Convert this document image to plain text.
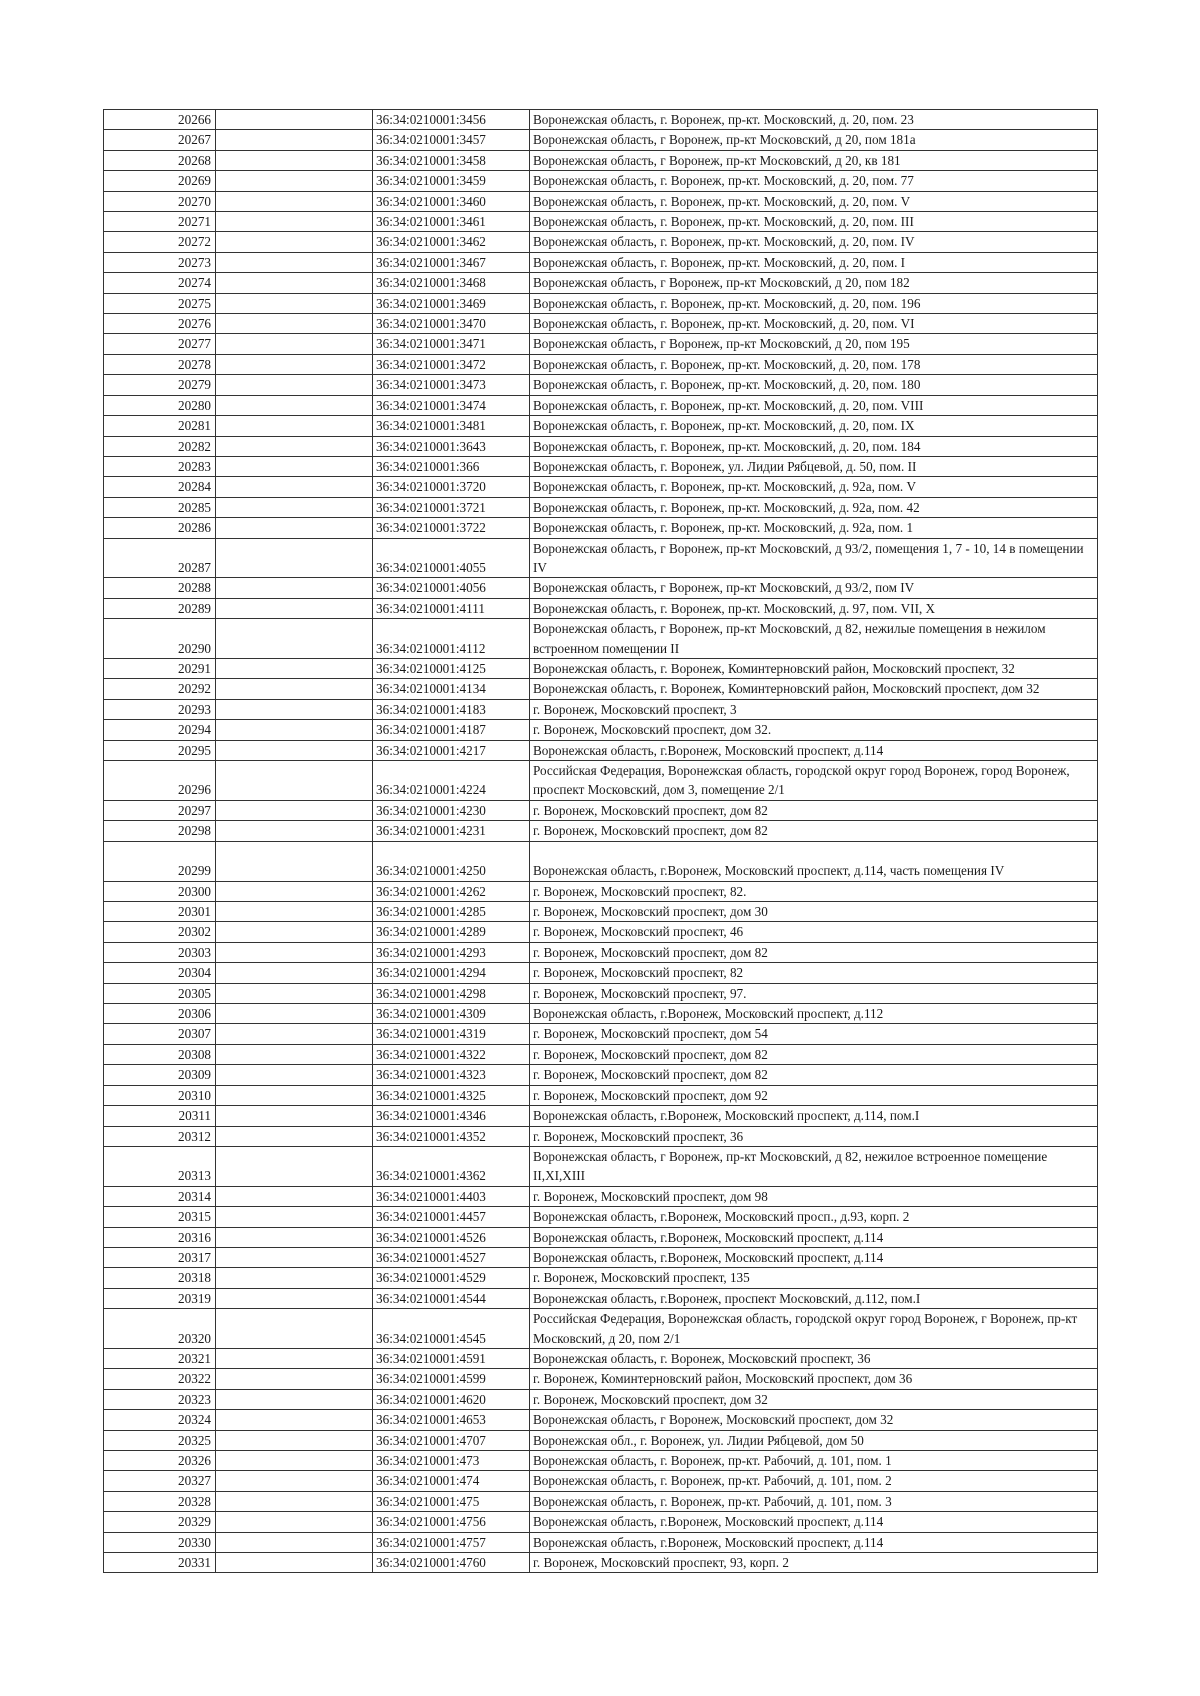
20266		36:34:0210001:3456	Воронежская область, г. Воронеж, пр-кт. Московский, д. 20, пом. 23
20267		36:34:0210001:3457	Воронежская область, г Воронеж, пр-кт Московский, д 20, пом 181а
20268		36:34:0210001:3458	Воронежская область, г Воронеж, пр-кт Московский, д 20, кв 181
20269		36:34:0210001:3459	Воронежская область, г. Воронеж, пр-кт. Московский, д. 20, пом. 77
20270		36:34:0210001:3460	Воронежская область, г. Воронеж, пр-кт. Московский, д. 20, пом. V
20271		36:34:0210001:3461	Воронежская область, г. Воронеж, пр-кт. Московский, д. 20, пом. III
20272		36:34:0210001:3462	Воронежская область, г. Воронеж, пр-кт. Московский, д. 20, пом. IV
20273		36:34:0210001:3467	Воронежская область, г. Воронеж, пр-кт. Московский, д. 20, пом. I
20274		36:34:0210001:3468	Воронежская область, г Воронеж, пр-кт Московский, д 20, пом 182
20275		36:34:0210001:3469	Воронежская область, г. Воронеж, пр-кт. Московский, д. 20, пом. 196
20276		36:34:0210001:3470	Воронежская область, г. Воронеж, пр-кт. Московский, д. 20, пом. VI
20277		36:34:0210001:3471	Воронежская область, г Воронеж, пр-кт Московский, д 20, пом 195
20278		36:34:0210001:3472	Воронежская область, г. Воронеж, пр-кт. Московский, д. 20, пом. 178
20279		36:34:0210001:3473	Воронежская область, г. Воронеж, пр-кт. Московский, д. 20, пом. 180
20280		36:34:0210001:3474	Воронежская область, г. Воронеж, пр-кт. Московский, д. 20, пом. VIII
20281		36:34:0210001:3481	Воронежская область, г. Воронеж, пр-кт. Московский, д. 20, пом. IX
20282		36:34:0210001:3643	Воронежская область, г. Воронеж, пр-кт. Московский, д. 20, пом. 184
20283		36:34:0210001:366	Воронежская область, г. Воронеж, ул. Лидии Рябцевой, д. 50, пом. II
20284		36:34:0210001:3720	Воронежская область, г. Воронеж, пр-кт. Московский, д. 92а, пом. V
20285		36:34:0210001:3721	Воронежская область, г. Воронеж, пр-кт. Московский, д. 92а, пом. 42
20286		36:34:0210001:3722	Воронежская область, г. Воронеж, пр-кт. Московский, д. 92а, пом. 1
20287		36:34:0210001:4055	Воронежская область, г Воронеж, пр-кт Московский, д 93/2, помещения 1, 7 - 10, 14 в помещении IV
20288		36:34:0210001:4056	Воронежская область, г Воронеж, пр-кт Московский, д 93/2, пом IV
20289		36:34:0210001:4111	Воронежская область, г. Воронеж, пр-кт. Московский, д. 97, пом. VII, X
20290		36:34:0210001:4112	Воронежская область, г Воронеж, пр-кт Московский, д 82, нежилые помещения в нежилом встроенном помещении II
20291		36:34:0210001:4125	Воронежская область, г. Воронеж, Коминтерновский район, Московский проспект, 32
20292		36:34:0210001:4134	Воронежская область, г. Воронеж, Коминтерновский район, Московский проспект, дом 32
20293		36:34:0210001:4183	г. Воронеж, Московский проспект, 3
20294		36:34:0210001:4187	г. Воронеж, Московский проспект, дом 32.
20295		36:34:0210001:4217	Воронежская область, г.Воронеж, Московский проспект, д.114
20296		36:34:0210001:4224	Российская Федерация, Воронежская область, городской округ город Воронеж, город Воронеж, проспект Московский, дом 3, помещение 2/1
20297		36:34:0210001:4230	г. Воронеж, Московский проспект, дом 82
20298		36:34:0210001:4231	г. Воронеж, Московский проспект, дом 82
20299		36:34:0210001:4250	Воронежская область, г.Воронеж, Московский проспект, д.114, часть помещения IV
20300		36:34:0210001:4262	г. Воронеж, Московский проспект, 82.
20301		36:34:0210001:4285	г. Воронеж, Московский проспект, дом 30
20302		36:34:0210001:4289	г. Воронеж, Московский проспект, 46
20303		36:34:0210001:4293	г. Воронеж, Московский проспект, дом 82
20304		36:34:0210001:4294	г. Воронеж, Московский проспект, 82
20305		36:34:0210001:4298	г. Воронеж, Московский проспект, 97.
20306		36:34:0210001:4309	Воронежская область, г.Воронеж, Московский проспект, д.112
20307		36:34:0210001:4319	г. Воронеж, Московский проспект, дом 54
20308		36:34:0210001:4322	г. Воронеж, Московский проспект, дом 82
20309		36:34:0210001:4323	г. Воронеж, Московский проспект, дом 82
20310		36:34:0210001:4325	г. Воронеж, Московский проспект, дом 92
20311		36:34:0210001:4346	Воронежская область, г.Воронеж, Московский проспект, д.114, пом.I
20312		36:34:0210001:4352	г. Воронеж, Московский проспект, 36
20313		36:34:0210001:4362	Воронежская область, г Воронеж, пр-кт Московский, д 82, нежилое встроенное помещение II,XI,XIII
20314		36:34:0210001:4403	г. Воронеж, Московский проспект, дом 98
20315		36:34:0210001:4457	Воронежская область, г.Воронеж, Московский просп., д.93, корп. 2
20316		36:34:0210001:4526	Воронежская область, г.Воронеж, Московский проспект, д.114
20317		36:34:0210001:4527	Воронежская область, г.Воронеж, Московский проспект, д.114
20318		36:34:0210001:4529	г. Воронеж, Московский проспект, 135
20319		36:34:0210001:4544	Воронежская область, г.Воронеж, проспект Московский, д.112, пом.I
20320		36:34:0210001:4545	Российская Федерация, Воронежская область, городской округ город Воронеж, г Воронеж, пр-кт Московский, д 20, пом 2/1
20321		36:34:0210001:4591	Воронежская область, г. Воронеж, Московский проспект, 36
20322		36:34:0210001:4599	г. Воронеж, Коминтерновский район, Московский проспект, дом 36
20323		36:34:0210001:4620	г. Воронеж, Московский проспект, дом 32
20324		36:34:0210001:4653	Воронежская область, г Воронеж, Московский проспект, дом 32
20325		36:34:0210001:4707	Воронежская обл., г. Воронеж, ул. Лидии Рябцевой, дом 50
20326		36:34:0210001:473	Воронежская область, г. Воронеж, пр-кт. Рабочий, д. 101, пом. 1
20327		36:34:0210001:474	Воронежская область, г. Воронеж, пр-кт. Рабочий, д. 101, пом. 2
20328		36:34:0210001:475	Воронежская область, г. Воронеж, пр-кт. Рабочий, д. 101, пом. 3
20329		36:34:0210001:4756	Воронежская область, г.Воронеж, Московский проспект, д.114
20330		36:34:0210001:4757	Воронежская область, г.Воронеж, Московский проспект, д.114
20331		36:34:0210001:4760	г. Воронеж, Московский проспект, 93, корп. 2
